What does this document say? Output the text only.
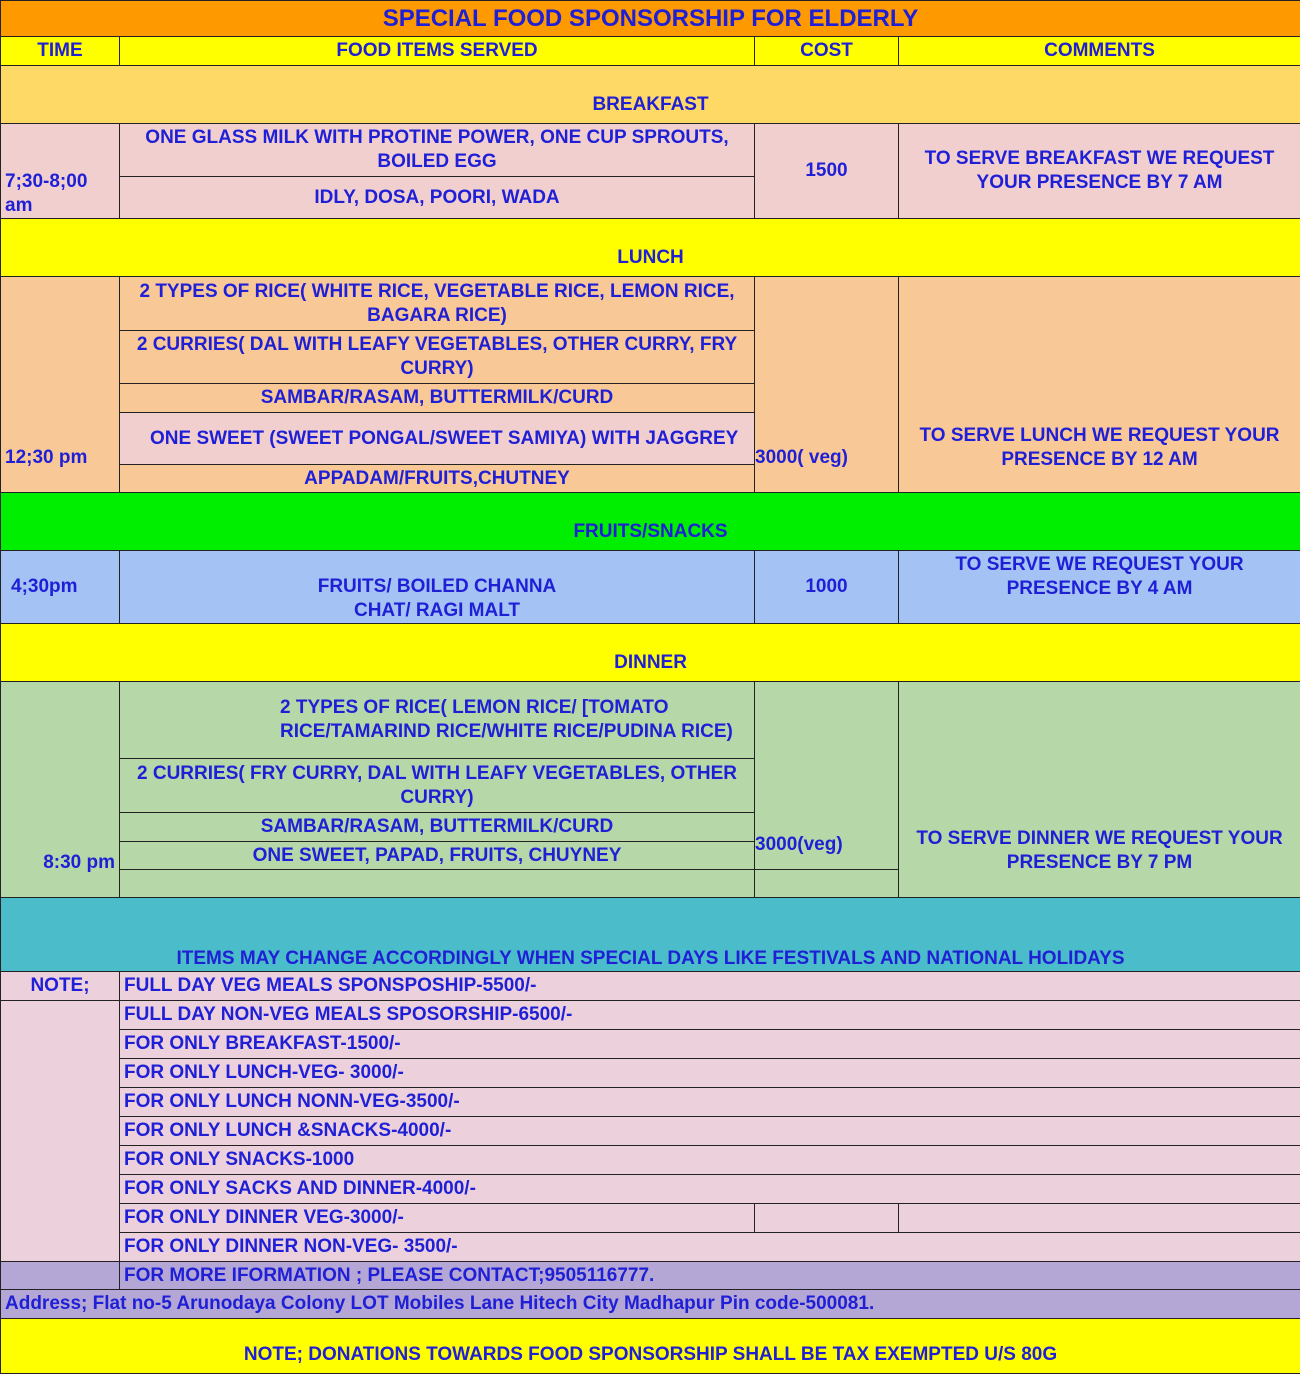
SPECIAL FOOD SPONSORSHIP FOR ELDERLY			
TIME	FOOD ITEMS SERVED	COST	COMMENTS
BREAKFAST			
7;30-8;00 am	ONE GLASS MILK WITH PROTINE POWER, ONE CUP SPROUTS, BOILED EGG	1500	TO SERVE BREAKFAST WE REQUEST YOUR PRESENCE BY 7 AM
	IDLY, DOSA, POORI, WADA		
LUNCH			
12;30 pm	2 TYPES OF RICE( WHITE RICE, VEGETABLE RICE, LEMON RICE, BAGARA RICE)	3000( veg)	TO SERVE LUNCH WE REQUEST YOUR PRESENCE BY 12 AM
	2 CURRIES( DAL WITH LEAFY VEGETABLES, OTHER CURRY, FRY CURRY)		
	SAMBAR/RASAM, BUTTERMILK/CURD		
	ONE SWEET (SWEET PONGAL/SWEET SAMIYA) WITH JAGGREY		
	APPADAM/FRUITS,CHUTNEY		
FRUITS/SNACKS			
4;30pm	FRUITS/ BOILED CHANNA CHAT/ RAGI MALT	1000	TO SERVE WE REQUEST YOUR PRESENCE BY 4 AM
DINNER			
8:30 pm	2 TYPES OF RICE( LEMON RICE/ [TOMATO RICE/TAMARIND RICE/WHITE RICE/PUDINA RICE)	3000(veg)	TO SERVE DINNER WE REQUEST YOUR PRESENCE BY 7 PM
	2 CURRIES( FRY CURRY, DAL WITH LEAFY VEGETABLES, OTHER CURRY)		
	SAMBAR/RASAM, BUTTERMILK/CURD		
	ONE SWEET, PAPAD, FRUITS, CHUYNEY		

ITEMS MAY CHANGE ACCORDINGLY WHEN SPECIAL DAYS LIKE FESTIVALS AND NATIONAL HOLIDAYS			
NOTE;	FULL DAY VEG MEALS SPONSPOSHIP-5500/-		
	FULL DAY NON-VEG MEALS SPOSORSHIP-6500/-		
	FOR ONLY BREAKFAST-1500/-		
	FOR ONLY LUNCH-VEG- 3000/-		
	FOR ONLY LUNCH NONN-VEG-3500/-		
	FOR ONLY LUNCH &SNACKS-4000/-		
	FOR ONLY SNACKS-1000		
	FOR ONLY SACKS AND DINNER-4000/-		
	FOR ONLY DINNER VEG-3000/-		
	FOR ONLY DINNER NON-VEG- 3500/-		
	FOR MORE IFORMATION ; PLEASE CONTACT;9505116777.		
Address; Flat no-5 Arunodaya Colony LOT Mobiles Lane Hitech City Madhapur Pin code-500081.			
NOTE; DONATIONS TOWARDS FOOD SPONSORSHIP SHALL BE TAX EXEMPTED U/S 80G			
